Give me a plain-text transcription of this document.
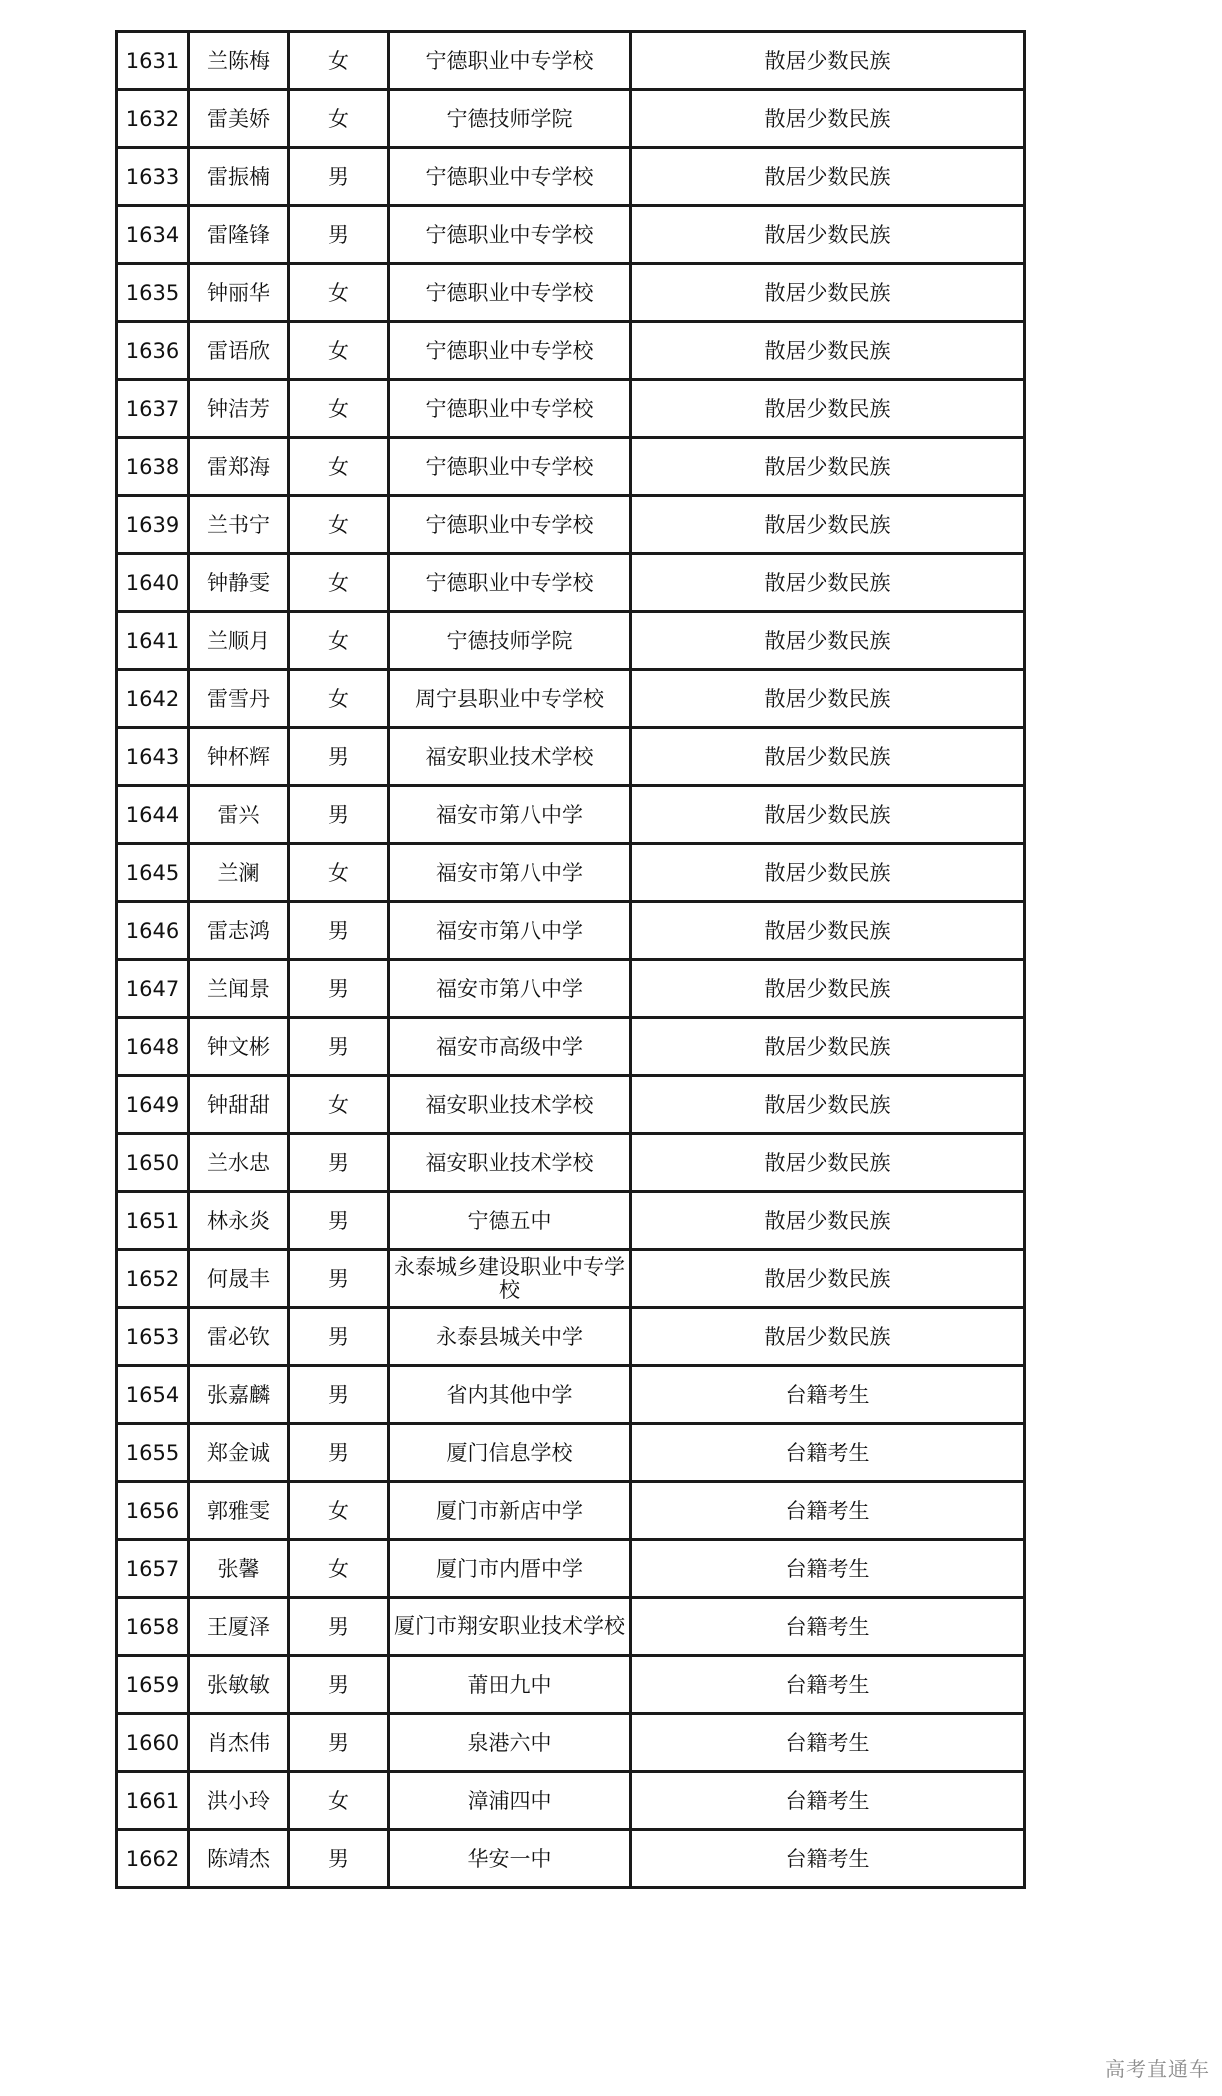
1631	兰陈梅	女	宁德职业中专学校	散居少数民族
1632	雷美娇	女	宁德技师学院	散居少数民族
1633	雷振楠	男	宁德职业中专学校	散居少数民族
1634	雷隆锋	男	宁德职业中专学校	散居少数民族
1635	钟丽华	女	宁德职业中专学校	散居少数民族
1636	雷语欣	女	宁德职业中专学校	散居少数民族
1637	钟洁芳	女	宁德职业中专学校	散居少数民族
1638	雷郑海	女	宁德职业中专学校	散居少数民族
1639	兰书宁	女	宁德职业中专学校	散居少数民族
1640	钟静雯	女	宁德职业中专学校	散居少数民族
1641	兰顺月	女	宁德技师学院	散居少数民族
1642	雷雪丹	女	周宁县职业中专学校	散居少数民族
1643	钟杯辉	男	福安职业技术学校	散居少数民族
1644	雷兴	男	福安市第八中学	散居少数民族
1645	兰澜	女	福安市第八中学	散居少数民族
1646	雷志鸿	男	福安市第八中学	散居少数民族
1647	兰闻景	男	福安市第八中学	散居少数民族
1648	钟文彬	男	福安市高级中学	散居少数民族
1649	钟甜甜	女	福安职业技术学校	散居少数民族
1650	兰水忠	男	福安职业技术学校	散居少数民族
1651	林永炎	男	宁德五中	散居少数民族
1652	何晟丰	男	永泰城乡建设职业中专学校	散居少数民族
1653	雷必钦	男	永泰县城关中学	散居少数民族
1654	张嘉麟	男	省内其他中学	台籍考生
1655	郑金诚	男	厦门信息学校	台籍考生
1656	郭雅雯	女	厦门市新店中学	台籍考生
1657	张馨	女	厦门市内厝中学	台籍考生
1658	王厦泽	男	厦门市翔安职业技术学校	台籍考生
1659	张敏敏	男	莆田九中	台籍考生
1660	肖杰伟	男	泉港六中	台籍考生
1661	洪小玲	女	漳浦四中	台籍考生
1662	陈靖杰	男	华安一中	台籍考生
高考直通车
